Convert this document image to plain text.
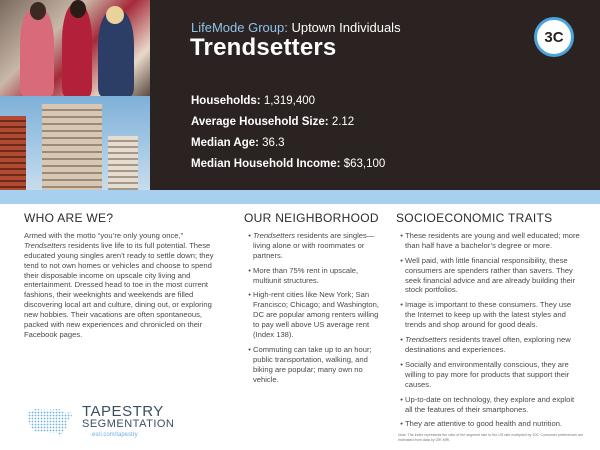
LifeMode Group: Uptown Individuals
Trendsetters	3C
Households: 1,319,400
Average Household Size: 2.12
Median Age: 36.3
Median Household Income: $63,100
WHO ARE WE?
Armed with the motto “you’re only young once,” Trendsetters residents live life to its full potential. These educated young singles aren’t ready to settle down; they tend to not own homes or vehicles and choose to spend their disposable income on upscale city living and entertainment. Dressed head to toe in the most current fashions, their weeknights and weekends are filled discovering local art and culture, dining out, or exploring new hobbies. Their vacations are often spontaneous, packed with new experiences and chronicled on their Facebook pages.
OUR NEIGHBORHOOD
• Trendsetters residents are singles—living alone or with roommates or partners.
• More than 75% rent in upscale, multiunit structures.
• High-rent cities like New York; San Francisco; Chicago; and Washington, DC are popular among renters willing to pay well above US average rent (Index 138).
• Commuting can take up to an hour; public transportation, walking, and biking are popular; many own no vehicle.
SOCIOECONOMIC TRAITS
• These residents are young and well educated; more than half have a bachelor’s degree or more.
• Well paid, with little financial responsibility, these consumers are spenders rather than savers. They seek financial advice and are already building their stock portfolios.
• Image is important to these consumers. They use the Internet to keep up with the latest styles and trends and shop around for good deals.
• Trendsetters residents travel often, exploring new destinations and experiences.
• Socially and environmentally conscious, they are willing to pay more for products that support their causes.
• Up-to-date on technology, they explore and exploit all the features of their smartphones.
• They are attentive to good health and nutrition.
TAPESTRY
SEGMENTATION
esri.com/tapestry	Note: The index represents the ratio of the segment rate to the US rate multiplied by 100. Consumer preferences are estimated from data by GfK MRI.
